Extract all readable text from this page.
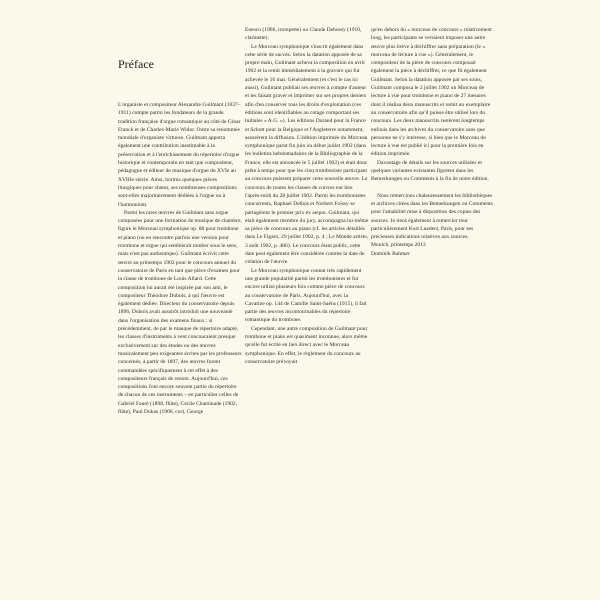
Préface

L'organiste et compositeur Alexandre Guilmant (1837–1911) compte parmi les fondateurs de la grande tradition française d'orgue romantique au côté de César Franck et de Charles-Marie Widor. Outre sa renommée mondiale d'organiste virtuose, Guilmant apporta également une contribution inestimable à la préservation et à l'enrichissement du répertoire d'orgue historique et contemporain en tant que compositeur, pédagogue et éditeur de musique d'orgue du XVIe au XVIIIe siècle. Ainsi, hormis quelques pièces liturgiques pour chœur, ses nombreuses compositions sont-elles majoritairement dédiées à l'orgue ou à l'harmonium.

Parmi les rares œuvres de Guilmant sans orgue composées pour une formation de musique de chambre, figure le Morceau symphonique op. 88 pour trombone et piano (ou en rencontre parfois une version pour trombone et orgue qui semblerait tomber sous le sens, mais n'est pas authentique). Guilmant écrivit cette œuvre au printemps 1902 pour le concours annuel du conservatoire de Paris en tant que pièce d'examen pour la classe de trombone de Louis Allard. Cette composition lui aurait été inspirée par son ami, le compositeur Théodore Dubois, à qui l'œuvre est également dédiée. Directeur du conservatoire depuis 1896, Dubois avait aussitôt introduit une nouveauté dans l'organisation des examens finaux : si précédemment, de par le manque de répertoire adapté, les classes d'instruments à vent concouraient presque exclusivement sur des études ou des œuvres musicalement peu exigeantes écrites par les professeurs concernés, à partir de 1897, des œuvres furent commandées spécifiquement à cet effet à des compositeurs français de renom. Aujourd'hui, ces compositions font encore souvent partie du répertoire de chacun de ces instruments – en particulier celles de Gabriel Fauré (1898, flûte), Cécile Chaminade (1902, flûte), Paul Dukas (1906, cor), George

Enesco (1906, trompette) ou Claude Debussy (1910, clarinette).

Le Morceau symphonique s'inscrit également dans cette série de succès. Selon la datation apposée de sa propre main, Guilmant acheva la composition en avril 1902 et la remit immédiatement à la gravure qui fut achevée le 16 mai. Généralement (et c'est le cas ici aussi), Guilmant publiait ses œuvres à compte d'auteur et les faisait graver et imprimer sur ses propres deniers afin d'en conserver tous les droits d'exploitation (ces éditions sont identifiables au cotage comportant ses initiales « A.G. »). Les éditions Durand pour la France et Schott pour la Belgique et l'Angleterre notamment, assurèrent la diffusion. L'édition imprimée du Morceau symphonique parut fin juin ou début juillet 1902 (dans les bulletins hebdomadaires de la Bibliographie de la France, elle est annoncée le 5 juillet 1902) et était donc prête à temps pour que les cinq tromboniste participant au concours puissent préparer cette nouvelle œuvre. Le concours de toutes les classes de cuivres eut lieu l'après-midi du 28 juillet 1902. Parmi les trombonistes concurrents, Raphael Delbos et Norbert Foissy se partagèrent le premier prix ex aequo. Guilmant, qui était également membre du jury, accompagna lui-même sa pièce de concours au piano (cf. les articles détaillés dans Le Figaro, 29 juillet 1902, p. 4 ; Le Monde artiste, 3 août 1902, p. 486). Le concours étant public, cette date peut également être considérée comme la date de création de l'œuvre.

Le Morceau symphonique connut très rapidement une grande popularité parmi les trombonistes et fut encore utilisé plusieurs fois comme pièce de concours au conservatoire de Paris. Aujourd'hui, avec la Cavatine op. 144 de Camille Saint-Saëns (1915), il fait partie des œuvres incontournables du répertoire romantique du trombone.

Cependant, une autre composition de Guilmant pour trombone et piano est quasiment inconnue, alors même qu'elle fut écrite en lien direct avec le Morceau symphonique. En effet, le règlement du concours au conservatoire prévoyait

qu'en dehors du « morceau de concours » relativement long, les participants se verraient imposer une autre œuvre plus brève à déchiffrer sans préparation (le « morceau de lecture à vue »). Généralement, le compositeur de la pièce de concours composait également la pièce à déchiffrer, ce que fit également Guilmant. Selon la datation apposée par ses soins, Guilmant composa le 2 juillet 1902 un Morceau de lecture à vue pour trombone et piano de 27 mesures dont il réalisa deux manuscrits et remit un exemplaire au conservatoire afin qu'il puisse être utilisé lors du concours. Les deux manuscrits restèrent longtemps enfouis dans les archives du conservatoire sans que personne ne s'y intéresse, si bien que le Morceau de lecture à vue est publié ici pour la première fois en édition imprimée.

Davantage de détails sur les sources utilisées et quelques variantes existantes figurent dans les Bemerkungen ou Comments à la fin de notre édition.

Nous remercions chaleureusement les bibliothèques et archives citées dans les Bemerkungen ou Comments pour l'amabilité mise à disposition des copies des sources. Je tiens également à remercier tout particulièrement Kurt Lueders, Paris, pour ses précieuses indications relatives aux sources.

Munich, printemps 2013

Dominik Rahmer
